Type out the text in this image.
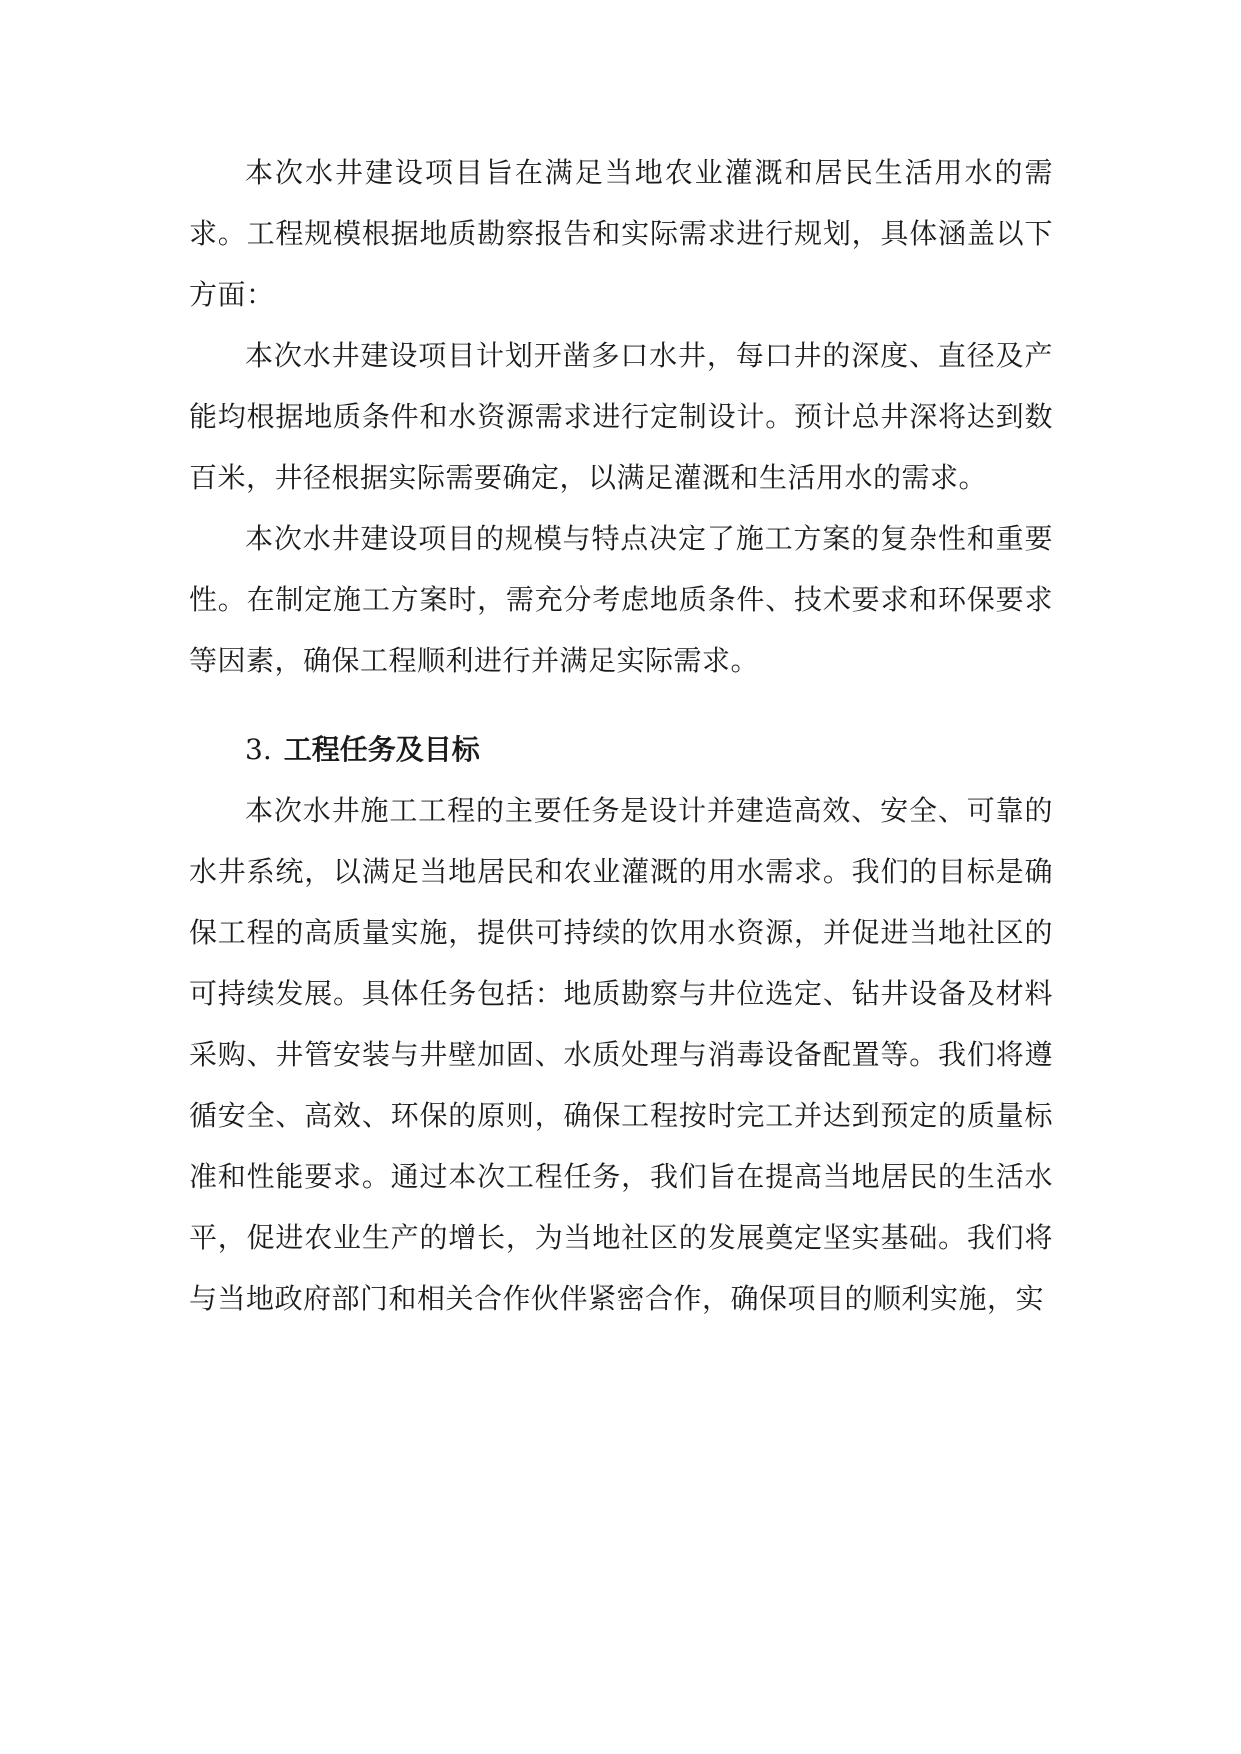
本次水井建设项目旨在满足当地农业灌溉和居民生活用水的需求。工程规模根据地质勘察报告和实际需求进行规划，具体涵盖以下方面：

本次水井建设项目计划开凿多口水井，每口井的深度、直径及产能均根据地质条件和水资源需求进行定制设计。预计总井深将达到数百米，井径根据实际需要确定，以满足灌溉和生活用水的需求。

本次水井建设项目的规模与特点决定了施工方案的复杂性和重要性。在制定施工方案时，需充分考虑地质条件、技术要求和环保要求等因素，确保工程顺利进行并满足实际需求。

3. 工程任务及目标

本次水井施工工程的主要任务是设计并建造高效、安全、可靠的水井系统，以满足当地居民和农业灌溉的用水需求。我们的目标是确保工程的高质量实施，提供可持续的饮用水资源，并促进当地社区的可持续发展。具体任务包括：地质勘察与井位选定、钻井设备及材料采购、井管安装与井壁加固、水质处理与消毒设备配置等。我们将遵循安全、高效、环保的原则，确保工程按时完工并达到预定的质量标准和性能要求。通过本次工程任务，我们旨在提高当地居民的生活水平，促进农业生产的增长，为当地社区的发展奠定坚实基础。我们将与当地政府部门和相关合作伙伴紧密合作，确保项目的顺利实施，实
